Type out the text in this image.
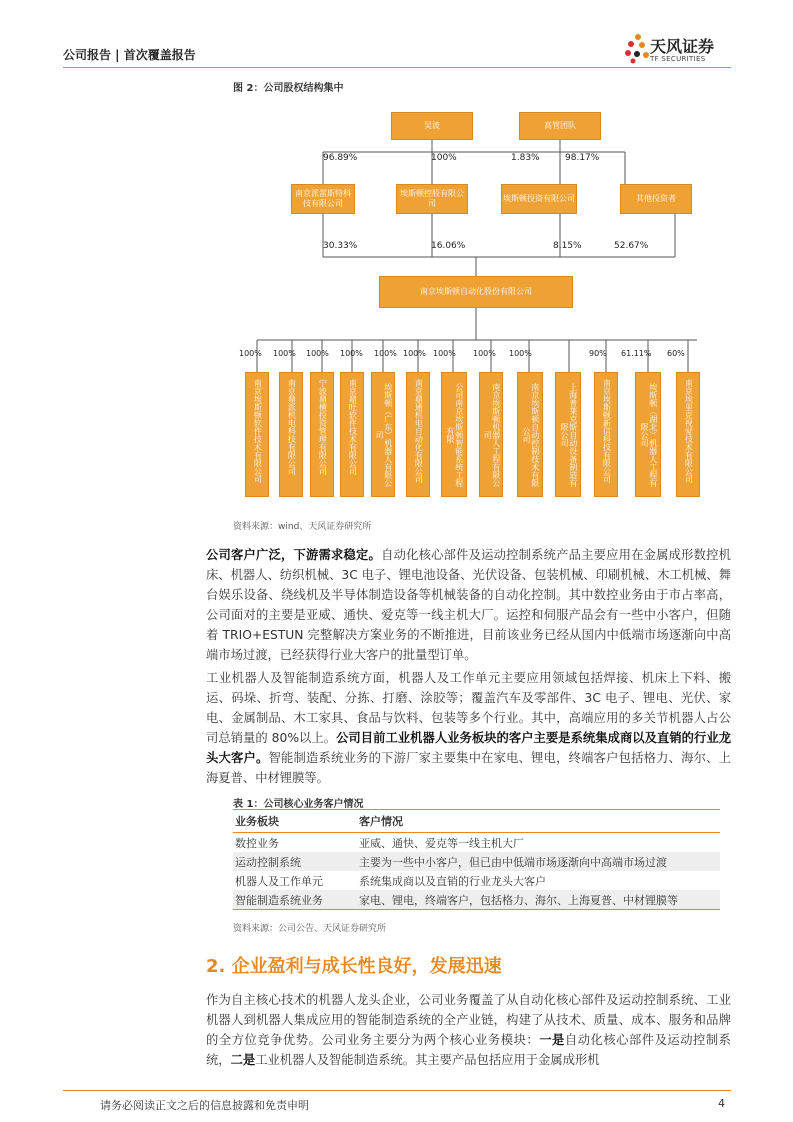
公司报告 | 首次覆盖报告	天风证券
TF SECURITIES
图 2：公司股权结构集中
吴波	高管团队
96.89%	100%	1.83%	98.17%
南京派雷斯特科技有限公司
埃斯顿控股有限公司
埃斯顿投资有限公司	其他投资者
30.33%	16.06%	8.15%	52.67%
南京埃斯顿自动化股份有限公司
100% 100% 100% 100% 100% 100% 100% 100% 100%	90% 61.11% 60%
南京埃斯顿软件技术有限公司	南京鼎派机电科技有限公司	宁波鼎横投资管理有限公司	南京鼎旺软件技术有限公司	埃斯顿（广东）机器人有限公司	南京鼎通机电自动化有限公司	公司南京埃斯顿智能系统工程有限	南京埃斯顿机器人工程有限公司	南京埃斯顿自动控制技术有限公司	上海普莱克斯自动设备制造有限公司	南京埃斯顿新信科技有限公司	埃斯顿（湖北）机器人工程有限公司	南京埃里克视觉技术有限公司
资料来源：wind、天风证券研究所
公司客户广泛，下游需求稳定。自动化核心部件及运动控制系统产品主要应用在金属成形数控机床、机器人、纺织机械、3C 电子、锂电池设备、光伏设备、包装机械、印刷机械、木工机械、舞台娱乐设备、绕线机及半导体制造设备等机械装备的自动化控制。其中数控业务由于市占率高，公司面对的主要是亚威、通快、爱克等一线主机大厂。运控和伺服产品会有一些中小客户，但随着 TRIO+ESTUN 完整解决方案业务的不断推进，目前该业务已经从国内中低端市场逐渐向中高端市场过渡，已经获得行业大客户的批量型订单。
工业机器人及智能制造系统方面，机器人及工作单元主要应用领域包括焊接、机床上下料、搬运、码垛、折弯、装配、分拣、打磨、涂胶等；覆盖汽车及零部件、3C 电子、锂电、光伏、家电、金属制品、木工家具、食品与饮料、包装等多个行业。其中，高端应用的多关节机器人占公司总销量的 80%以上。公司目前工业机器人业务板块的客户主要是系统集成商以及直销的行业龙头大客户。智能制造系统业务的下游厂家主要集中在家电、锂电，终端客户包括格力、海尔、上海夏普、中材锂膜等。
表 1：公司核心业务客户情况
业务板块	客户情况
数控业务	亚威、通快、爱克等一线主机大厂
运动控制系统	主要为一些中小客户，但已由中低端市场逐渐向中高端市场过渡
机器人及工作单元	系统集成商以及直销的行业龙头大客户
智能制造系统业务	家电、锂电，终端客户，包括格力、海尔、上海夏普、中材锂膜等
资料来源：公司公告、天风证券研究所
2. 企业盈利与成长性良好，发展迅速
作为自主核心技术的机器人龙头企业，公司业务覆盖了从自动化核心部件及运动控制系统、工业机器人到机器人集成应用的智能制造系统的全产业链，构建了从技术、质量、成本、服务和品牌的全方位竞争优势。公司业务主要分为两个核心业务模块：一是自动化核心部件及运动控制系统，二是工业机器人及智能制造系统。其主要产品包括应用于金属成形机
请务必阅读正文之后的信息披露和免责申明	4
